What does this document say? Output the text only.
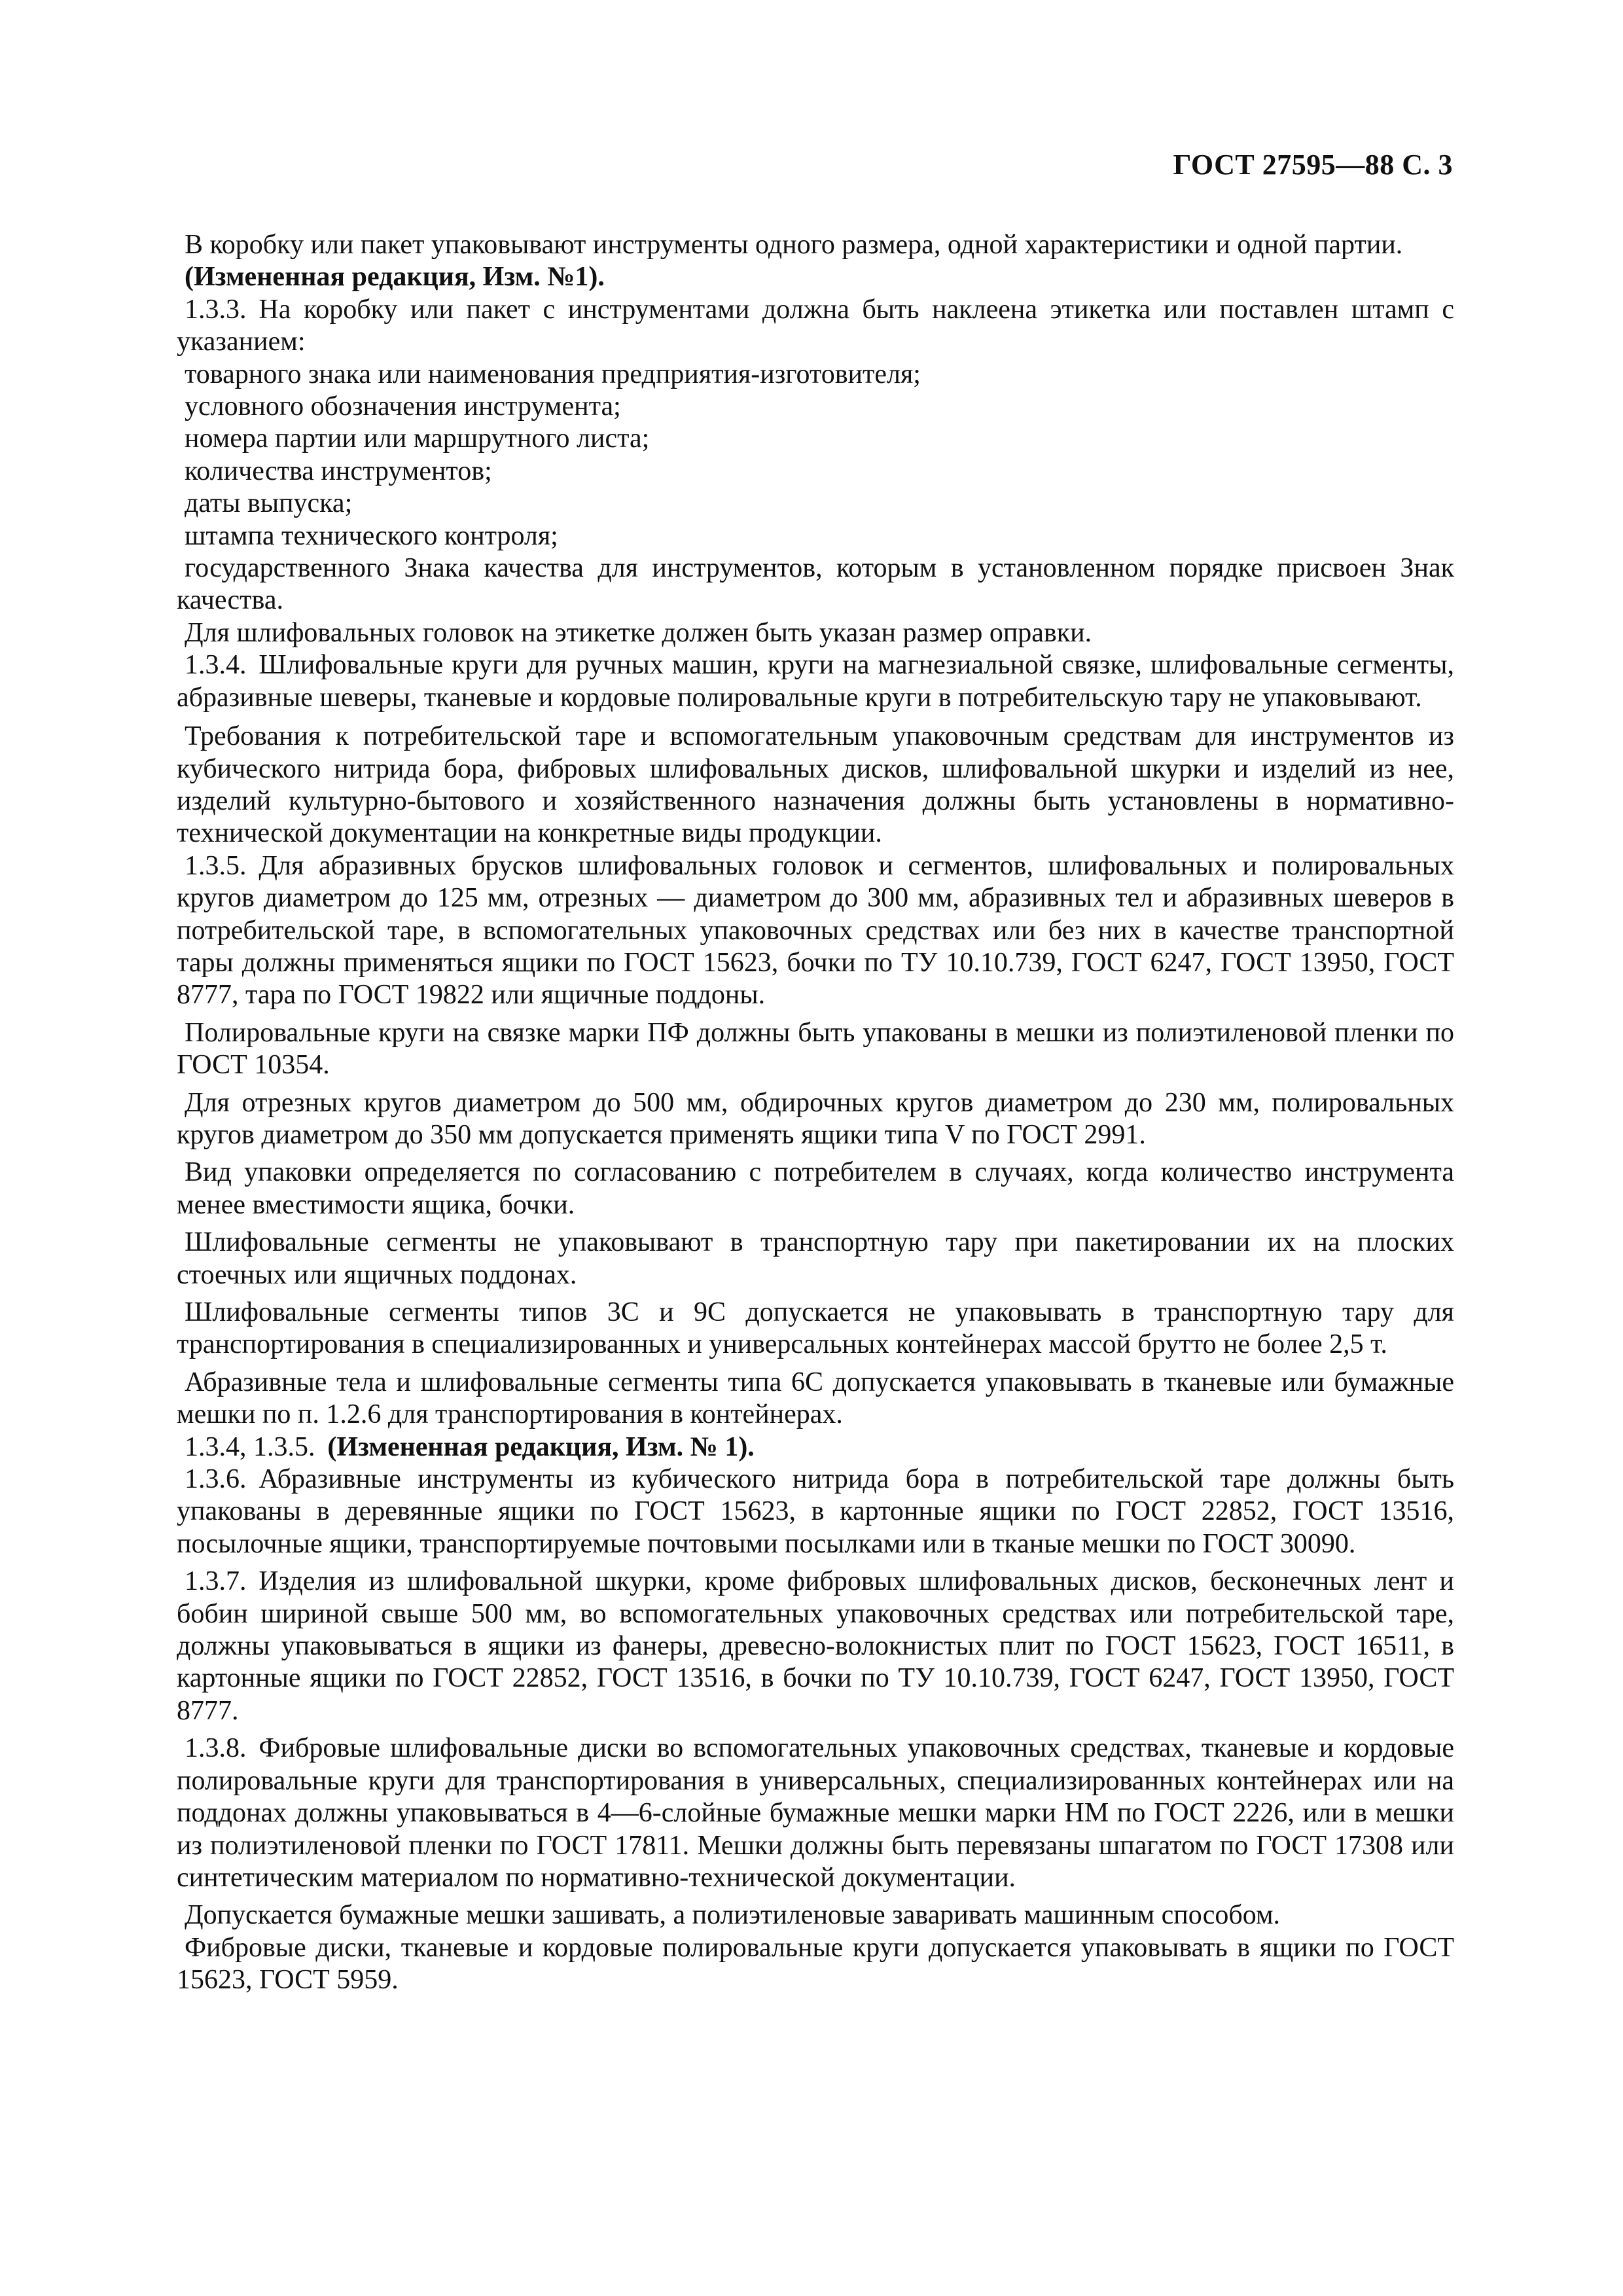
ГОСТ 27595—88 С. 3

В коробку или пакет упаковывают инструменты одного размера, одной характеристики и одной партии.

(Измененная редакция, Изм. №1).

1.3.3. На коробку или пакет с инструментами должна быть наклеена этикетка или поставлен штамп с указанием:

товарного знака или наименования предприятия-изготовителя;

условного обозначения инструмента;

номера партии или маршрутного листа;

количества инструментов;

даты выпуска;

штампа технического контроля;

государственного Знака качества для инструментов, которым в установленном порядке присвоен Знак качества.

Для шлифовальных головок на этикетке должен быть указан размер оправки.

1.3.4. Шлифовальные круги для ручных машин, круги на магнезиальной связке, шлифовальные сегменты, абразивные шеверы, тканевые и кордовые полировальные круги в потребительскую тару не упаковывают.

Требования к потребительской таре и вспомогательным упаковочным средствам для инструментов из кубического нитрида бора, фибровых шлифовальных дисков, шлифовальной шкурки и изделий из нее, изделий культурно-бытового и хозяйственного назначения должны быть установлены в нормативно-технической документации на конкретные виды продукции.

1.3.5. Для абразивных брусков шлифовальных головок и сегментов, шлифовальных и полировальных кругов диаметром до 125 мм, отрезных — диаметром до 300 мм, абразивных тел и абразивных шеверов в потребительской таре, в вспомогательных упаковочных средствах или без них в качестве транспортной тары должны применяться ящики по ГОСТ 15623, бочки по ТУ 10.10.739, ГОСТ 6247, ГОСТ 13950, ГОСТ 8777, тара по ГОСТ 19822 или ящичные поддоны.

Полировальные круги на связке марки ПФ должны быть упакованы в мешки из полиэтиленовой пленки по ГОСТ 10354.

Для отрезных кругов диаметром до 500 мм, обдирочных кругов диаметром до 230 мм, полировальных кругов диаметром до 350 мм допускается применять ящики типа V по ГОСТ 2991.

Вид упаковки определяется по согласованию с потребителем в случаях, когда количество инструмента менее вместимости ящика, бочки.

Шлифовальные сегменты не упаковывают в транспортную тару при пакетировании их на плоских стоечных или ящичных поддонах.

Шлифовальные сегменты типов 3С и 9С допускается не упаковывать в транспортную тару для транспортирования в специализированных и универсальных контейнерах массой брутто не более 2,5 т.

Абразивные тела и шлифовальные сегменты типа 6С допускается упаковывать в тканевые или бумажные мешки по п. 1.2.6 для транспортирования в контейнерах.

1.3.4, 1.3.5. (Измененная редакция, Изм. № 1).

1.3.6. Абразивные инструменты из кубического нитрида бора в потребительской таре должны быть упакованы в деревянные ящики по ГОСТ 15623, в картонные ящики по ГОСТ 22852, ГОСТ 13516, посылочные ящики, транспортируемые почтовыми посылками или в тканые мешки по ГОСТ 30090.

1.3.7. Изделия из шлифовальной шкурки, кроме фибровых шлифовальных дисков, бесконечных лент и бобин шириной свыше 500 мм, во вспомогательных упаковочных средствах или потребительской таре, должны упаковываться в ящики из фанеры, древесно-волокнистых плит по ГОСТ 15623, ГОСТ 16511, в картонные ящики по ГОСТ 22852, ГОСТ 13516, в бочки по ТУ 10.10.739, ГОСТ 6247, ГОСТ 13950, ГОСТ 8777.

1.3.8. Фибровые шлифовальные диски во вспомогательных упаковочных средствах, тканевые и кордовые полировальные круги для транспортирования в универсальных, специализированных контейнерах или на поддонах должны упаковываться в 4—6-слойные бумажные мешки марки НМ по ГОСТ 2226, или в мешки из полиэтиленовой пленки по ГОСТ 17811. Мешки должны быть перевязаны шпагатом по ГОСТ 17308 или синтетическим материалом по нормативно-технической документации.

Допускается бумажные мешки зашивать, а полиэтиленовые заваривать машинным способом.

Фибровые диски, тканевые и кордовые полировальные круги допускается упаковывать в ящики по ГОСТ 15623, ГОСТ 5959.
